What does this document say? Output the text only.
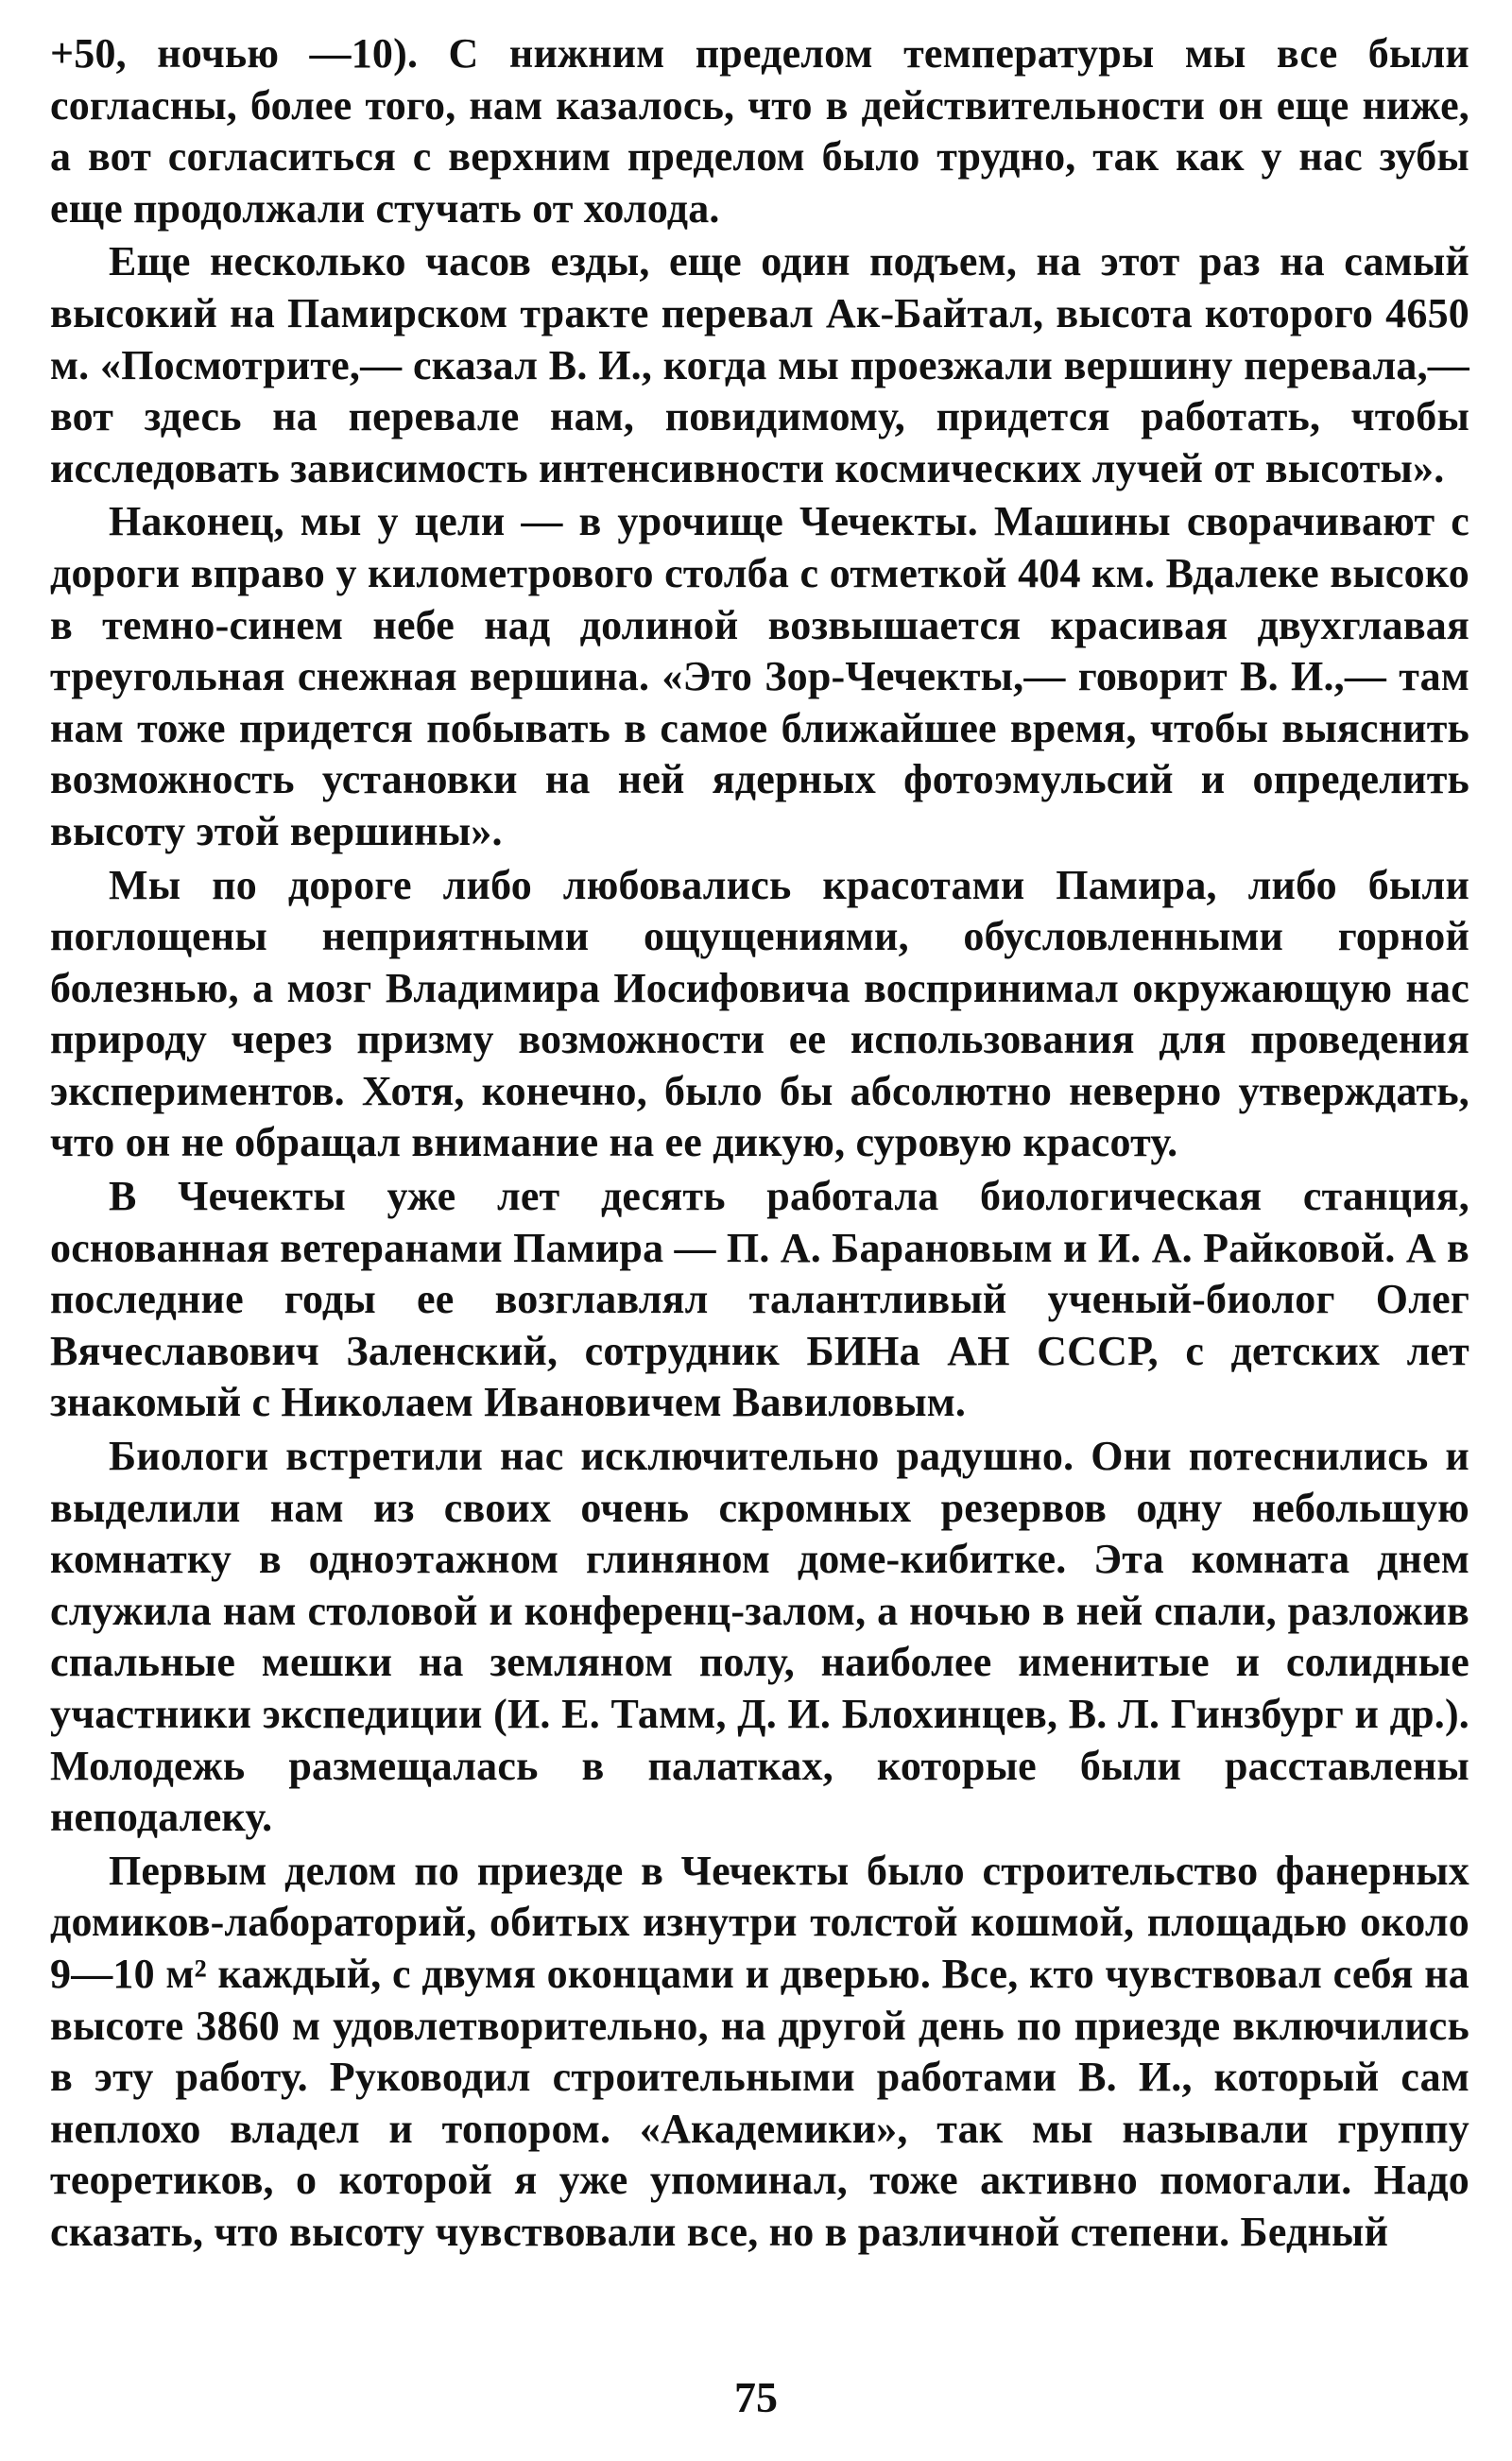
+50, ночью —10). С нижним пределом температуры мы все были согласны, более того, нам казалось, что в действительности он еще ниже, а вот согласиться с верхним пределом было трудно, так как у нас зубы еще продолжали стучать от холода.

Еще несколько часов езды, еще один подъем, на этот раз на самый высокий на Памирском тракте перевал Ак-Байтал, высота которого 4650 м. «Посмотрите,— сказал В. И., когда мы проезжали вершину перевала,— вот здесь на перевале нам, повидимому, придется работать, чтобы исследовать зависимость интенсивности космических лучей от высоты».

Наконец, мы у цели — в урочище Чечекты. Машины сворачивают с дороги вправо у километрового столба с отметкой 404 км. Вдалеке высоко в темно-синем небе над долиной возвышается красивая двухглавая треугольная снежная вершина. «Это Зор-Чечекты,— говорит В. И.,— там нам тоже придется побывать в самое ближайшее время, чтобы выяснить возможность установки на ней ядерных фотоэмульсий и определить высоту этой вершины».

Мы по дороге либо любовались красотами Памира, либо были поглощены неприятными ощущениями, обусловленными горной болезнью, а мозг Владимира Иосифовича воспринимал окружающую нас природу через призму возможности ее использования для проведения экспериментов. Хотя, конечно, было бы абсолютно неверно утверждать, что он не обращал внимание на ее дикую, суровую красоту.

В Чечекты уже лет десять работала биологическая станция, основанная ветеранами Памира — П. А. Барановым и И. А. Райковой. А в последние годы ее возглавлял талантливый ученый-биолог Олег Вячеславович Заленский, сотрудник БИНа АН СССР, с детских лет знакомый с Николаем Ивановичем Вавиловым.

Биологи встретили нас исключительно радушно. Они потеснились и выделили нам из своих очень скромных резервов одну небольшую комнатку в одноэтажном глиняном доме-кибитке. Эта комната днем служила нам столовой и конференц-залом, а ночью в ней спали, разложив спальные мешки на земляном полу, наиболее именитые и солидные участники экспедиции (И. Е. Тамм, Д. И. Блохинцев, В. Л. Гинзбург и др.). Молодежь размещалась в палатках, которые были расставлены неподалеку.

Первым делом по приезде в Чечекты было строительство фанерных домиков-лабораторий, обитых изнутри толстой кошмой, площадью около 9—10 м² каждый, с двумя оконцами и дверью. Все, кто чувствовал себя на высоте 3860 м удовлетворительно, на другой день по приезде включились в эту работу. Руководил строительными работами В. И., который сам неплохо владел и топором. «Академики», так мы называли группу теоретиков, о которой я уже упоминал, тоже активно помогали. Надо сказать, что высоту чувствовали все, но в различной степени. Бедный

75
